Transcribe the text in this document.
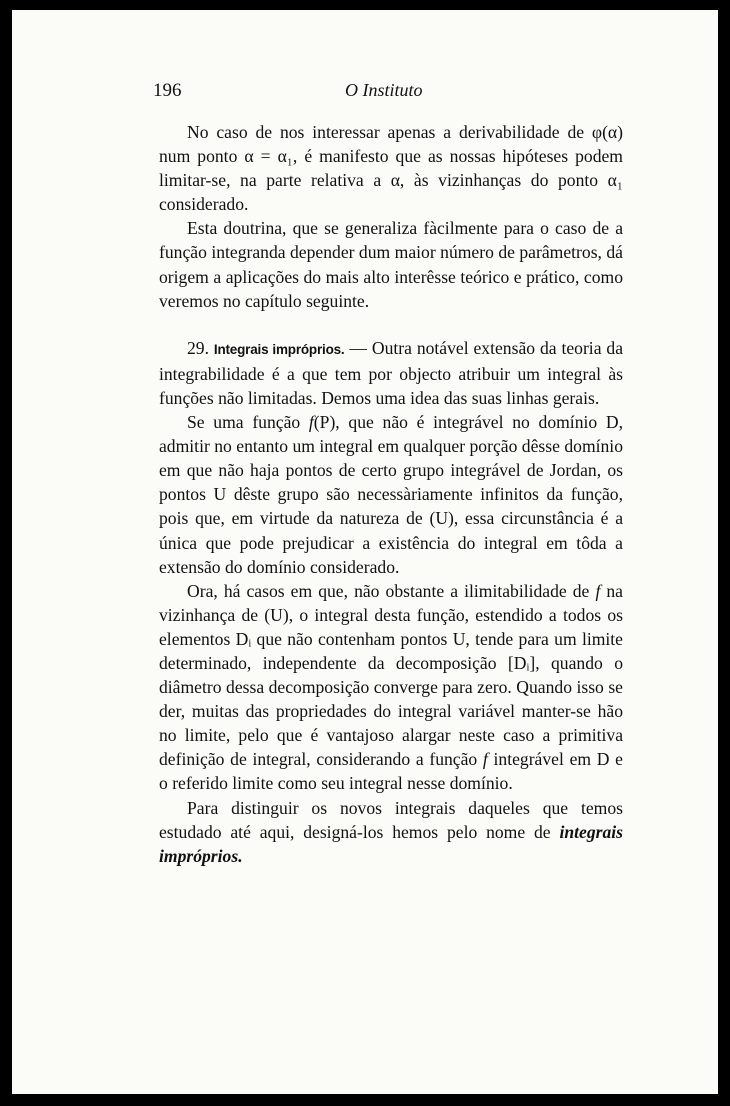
196	O Instituto

No caso de nos interessar apenas a derivabilidade de φ(α) num ponto α = α₁, é manifesto que as nossas hipóteses podem limitar-se, na parte relativa a α, às vizinhanças do ponto α₁ considerado.

Esta doutrina, que se generaliza fàcilmente para o caso de a função integranda depender dum maior número de parâmetros, dá origem a aplicações do mais alto interêsse teórico e prático, como veremos no capítulo seguinte.

29. Integrais impróprios. — Outra notável extensão da teoria da integrabilidade é a que tem por objecto atribuir um integral às funções não limitadas. Demos uma idea das suas linhas gerais.

Se uma função f(P), que não é integrável no domínio D, admitir no entanto um integral em qualquer porção dêsse domínio em que não haja pontos de certo grupo integrável de Jordan, os pontos U dêste grupo são necessàriamente infinitos da função, pois que, em virtude da natureza de (U), essa circunstância é a única que pode prejudicar a existência do integral em tôda a extensão do domínio considerado.

Ora, há casos em que, não obstante a ilimitabilidade de f na vizinhança de (U), o integral desta função, estendido a todos os elementos Dᵢ que não contenham pontos U, tende para um limite determinado, independente da decomposição [Dᵢ], quando o diâmetro dessa decomposição converge para zero. Quando isso se der, muitas das propriedades do integral variável manter-se hão no limite, pelo que é vantajoso alargar neste caso a primitiva definição de integral, considerando a função f integrável em D e o referido limite como seu integral nesse domínio.

Para distinguir os novos integrais daqueles que temos estudado até aqui, designá-los hemos pelo nome de integrais impróprios.
